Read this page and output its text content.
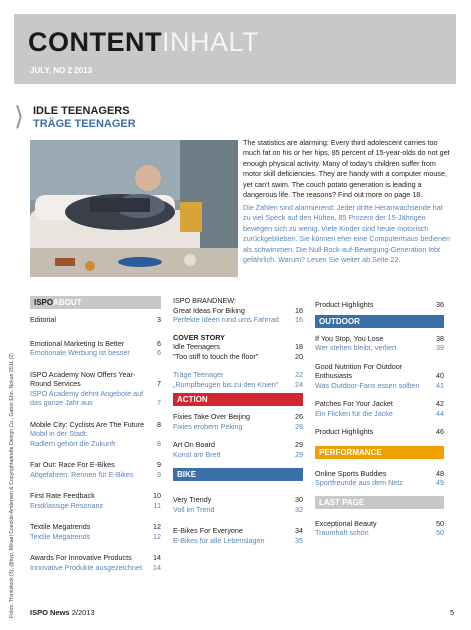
CONTENTINHALT
JULY, NO 2 2013
⟩ IDLE TEENAGERS
TRÄGE TEENAGER
The statistics are alarming: Every third adolescent carries too much fat on his or her hips, 85 percent of 15-year-olds do not get enough physical activity. Many of today's children suffer from motor skill deficiencies. They are handy with a computer mouse, yet can't swim. The couch potato generation is leading a dangerous life. The reasons? Find out more on page 18.
Die Zahlen sind alarmierend: Jeder dritte Heranwachsende hat zu viel Speck auf den Hüften, 85 Prozent der 15-Jährigen bewegen sich zu wenig. Viele Kinder sind heute motorisch zurückgeblieben. Sie können eher eine Computermaus bedienen als schwimmen. Die Null-Bock-auf-Bewegung-Generation lebt gefährlich. Warum? Lesen Sie weiter ab Seite 22.
Fotos: Thinkstock (3), @byp, Mikael Coeckle-Andersen & Copyrightadrette Design Co., Gabor Ehn, Nokan 2011 (2)
ISPOABOUT
Editorial	3
Emotional Marketing Is Better	6
Emotionale Werbung ist besser	6
ISPO Academy Now Offers Year-Round Services	7
ISPO Academy dehnt Angebote auf das ganze Jahr aus	7
Mobile City: Cyclists Are The Future 8
Mobil in der Stadt:
Radlern gehört die Zukunft	8
Far Out: Race For E-Bikes	9
Abgefahren: Rennen für E-Bikes	9
First Rate Feedback	10
Erstklassige Resonanz	11
Textile Megatrends	12
Textile Megatrends	12
Awards For Innovative Products	14
Innovative Produkte ausgezeichnet 14
ISPO BRANDNEW:
Great Ideas For Biking	16
Perfekte Ideen rund ums Fahrrad 16
COVER STORY
Idle Teenagers	18
"Too stiff to touch the floor"	20
Träge Teenager	22
„Rumpfbeugen bis zu den Knien" 24
ACTION
Fixies Take Over Beijing	26
Fixies erobern Peking	28
Art On Board	29
Kunst am Brett	29
BIKE
Very Trendy	30
Voll im Trend	32
E-Bikes For Everyone	34
E-Bikes für alle Lebenslagen	35
Product Highlights	36
OUTDOOR
If You Stop, You Lose	38
Wer stehen bleibt, verliert	39
Good Nutrition For Outdoor Enthusiasts	40
Was Outdoor-Fans essen sollten 41
Patches For Your Jacket	42
Ein Flicken für die Jacke	44
Product Highlights	46
PERFORMANCE
Online Sports Buddies	48
Sportfreunde aus dem Netz	49
LAST PAGE
Exceptional Beauty	50
Traumhaft schön	50
ISPO News 2/2013	5
